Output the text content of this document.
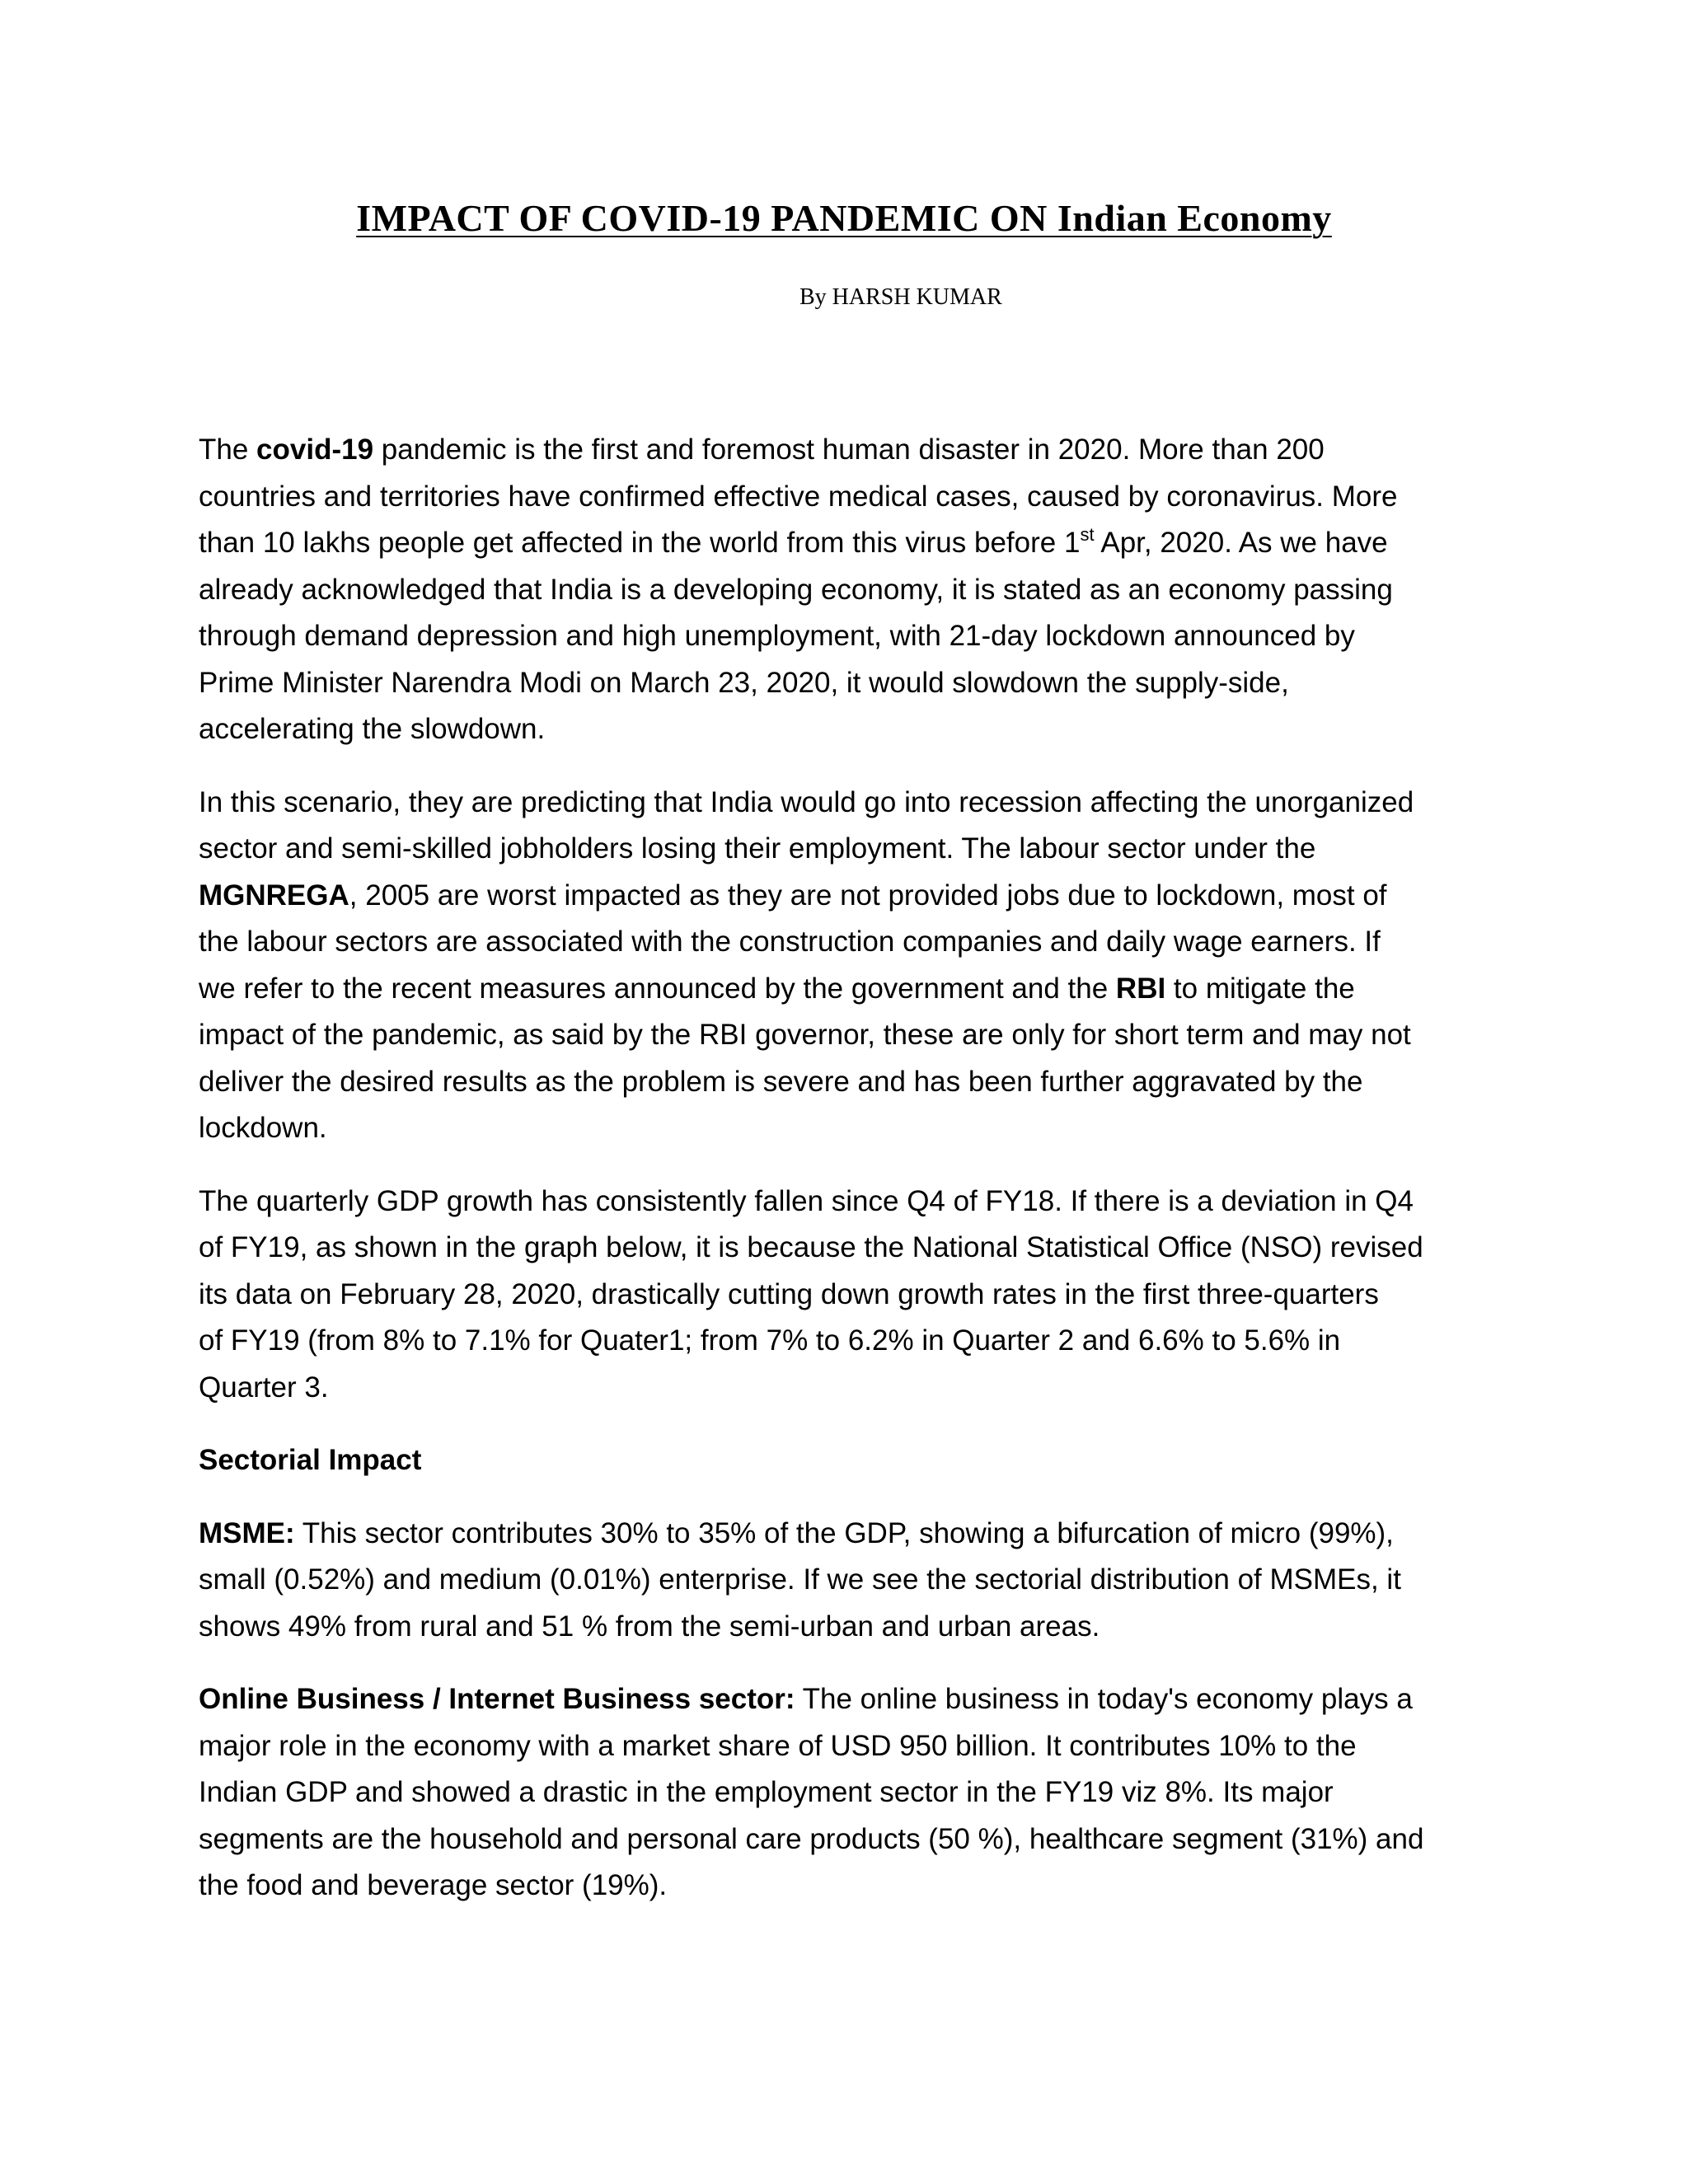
IMPACT OF COVID-19 PANDEMIC ON Indian Economy

By HARSH KUMAR

The covid-19 pandemic is the first and foremost human disaster in 2020. More than 200
countries and territories have confirmed effective medical cases, caused by coronavirus. More
than 10 lakhs people get affected in the world from this virus before 1st Apr, 2020. As we have
already acknowledged that India is a developing economy, it is stated as an economy passing
through demand depression and high unemployment, with 21-day lockdown announced by
Prime Minister Narendra Modi on March 23, 2020, it would slowdown the supply-side,
accelerating the slowdown.

In this scenario, they are predicting that India would go into recession affecting the unorganized
sector and semi-skilled jobholders losing their employment. The labour sector under the
MGNREGA, 2005 are worst impacted as they are not provided jobs due to lockdown, most of
the labour sectors are associated with the construction companies and daily wage earners. If
we refer to the recent measures announced by the government and the RBI to mitigate the
impact of the pandemic, as said by the RBI governor, these are only for short term and may not
deliver the desired results as the problem is severe and has been further aggravated by the
lockdown.

The quarterly GDP growth has consistently fallen since Q4 of FY18. If there is a deviation in Q4
of FY19, as shown in the graph below, it is because the National Statistical Office (NSO) revised
its data on February 28, 2020, drastically cutting down growth rates in the first three-quarters
of FY19 (from 8% to 7.1% for Quater1; from 7% to 6.2% in Quarter 2 and 6.6% to 5.6% in
Quarter 3.

Sectorial Impact

MSME: This sector contributes 30% to 35% of the GDP, showing a bifurcation of micro (99%),
small (0.52%) and medium (0.01%) enterprise. If we see the sectorial distribution of MSMEs, it
shows 49% from rural and 51 % from the semi-urban and urban areas.

Online Business / Internet Business sector: The online business in today's economy plays a
major role in the economy with a market share of USD 950 billion. It contributes 10% to the
Indian GDP and showed a drastic in the employment sector in the FY19 viz 8%. Its major
segments are the household and personal care products (50 %), healthcare segment (31%) and
the food and beverage sector (19%).
